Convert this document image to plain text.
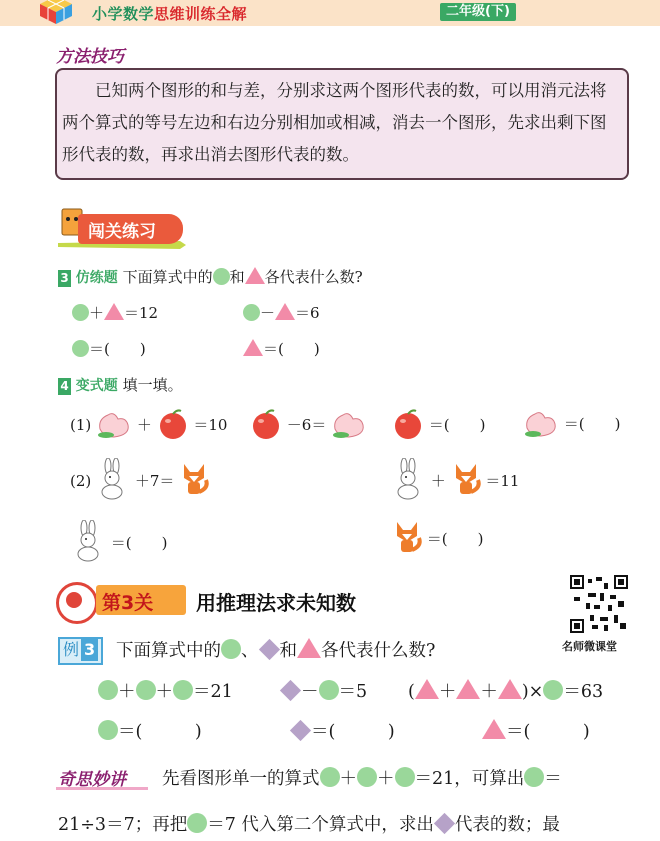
小学数学思维训练全解	二年级(下)
方法技巧
已知两个图形的和与差，分别求这两个图形代表的数，可以用消元法将两个算式的等号左边和右边分别相加或相减，消去一个图形，先求出剩下图形代表的数，再求出消去图形代表的数。
闯关练习
3 仿练题 下面算式中的 和 各代表什么数?
＋ ＝12	－ ＝6
＝(　　)	＝(　　)
4 变式题 填一填。
(1)	＋	＝10	－6＝	＝(　　)	＝(　　)
(2)	＋7＝	＋	＝11
＝(　　)	＝(　　)
第3关 用推理法求未知数
名师微课堂
例 3	下面算式中的 、 和 各代表什么数?
＋ ＋ ＝21	－ ＝5 ( ＋ ＋ )× ＝63
＝(　　　)	＝(　　　)	＝(　　　)
奇思妙讲 先看图形单一的算式 ＋ ＋ ＝21，可算出 ＝
21÷3＝7；再把 ＝7 代入第二个算式中，求出 代表的数；最
